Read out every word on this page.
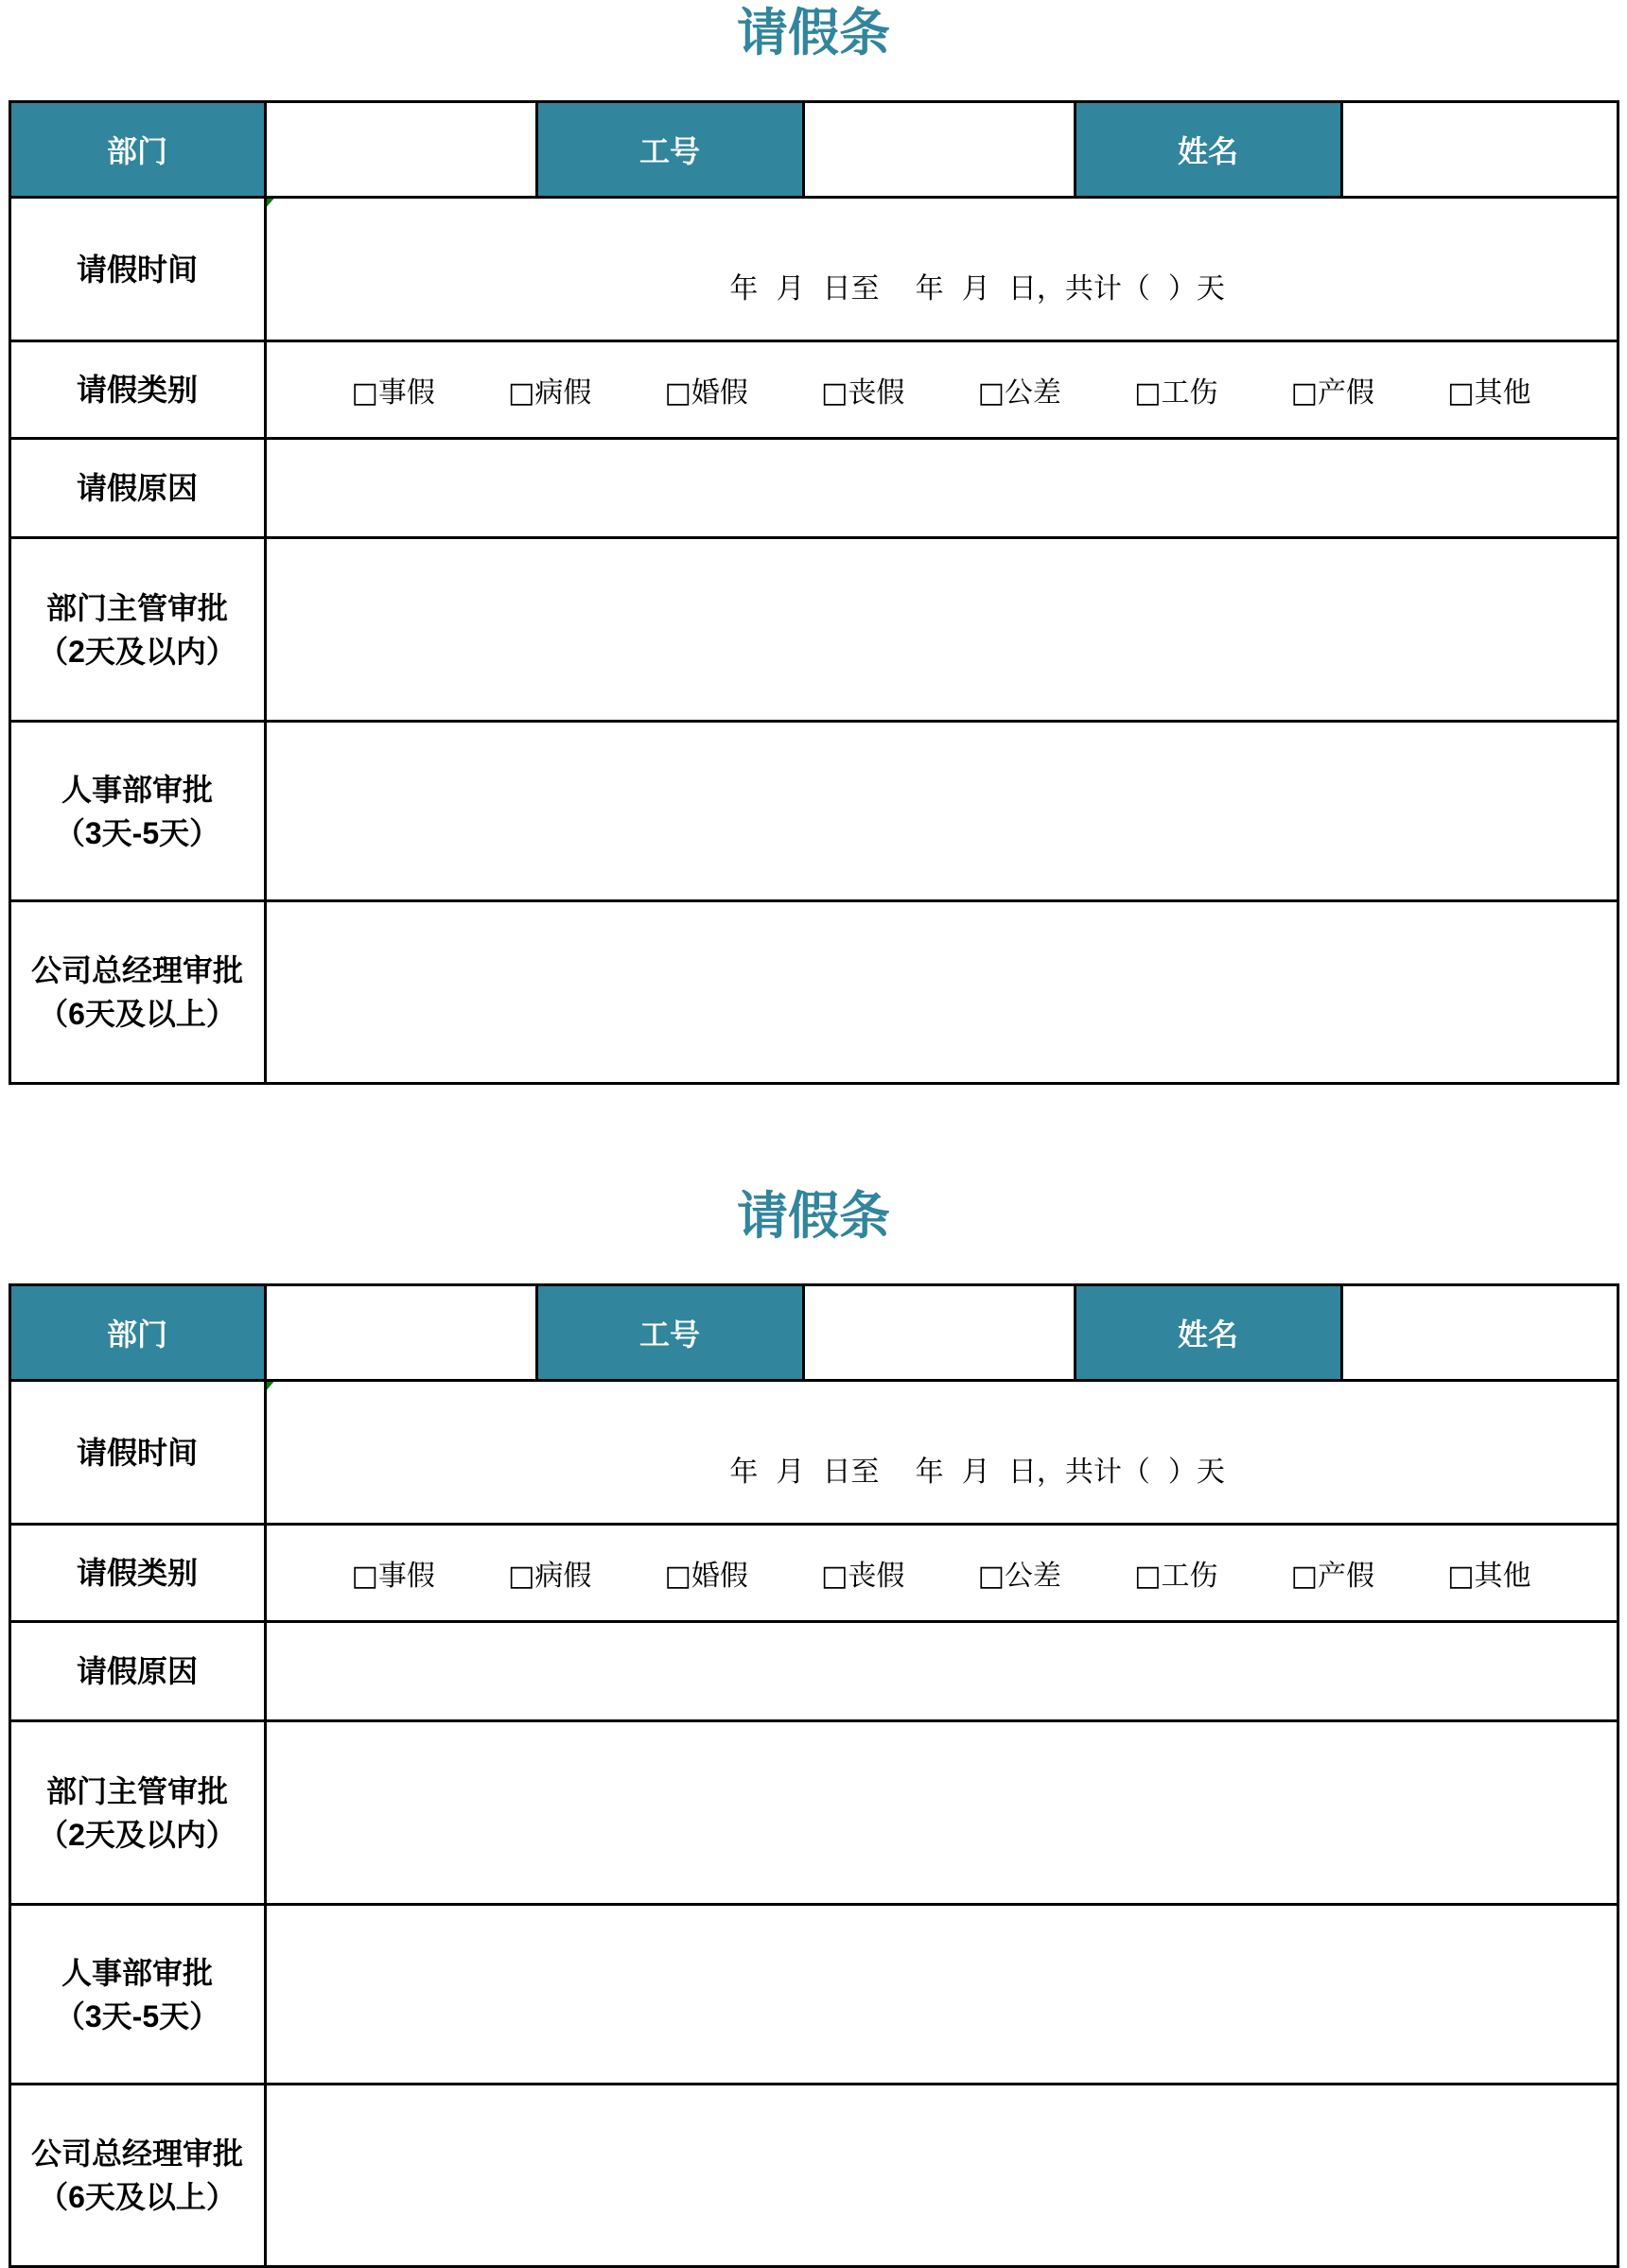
请假条
部门		工号		姓名	
请假时间	年  月  日至    年  月  日，共计（  ）天				

请假类别	□事假	□病假	□婚假	□丧假	□公差	□工伤	□产假	□其他

请假原因					

部门主管审批
（2天及以内）					

人事部审批
（3天-5天）					

公司总经理审批
（6天及以上）					

请假条
部门		工号		姓名	
请假时间	年  月  日至    年  月  日，共计（  ）天				

请假类别	□事假	□病假	□婚假	□丧假	□公差	□工伤	□产假	□其他

请假原因					

部门主管审批
（2天及以内）					

人事部审批
（3天-5天）					

公司总经理审批
（6天及以上）					
